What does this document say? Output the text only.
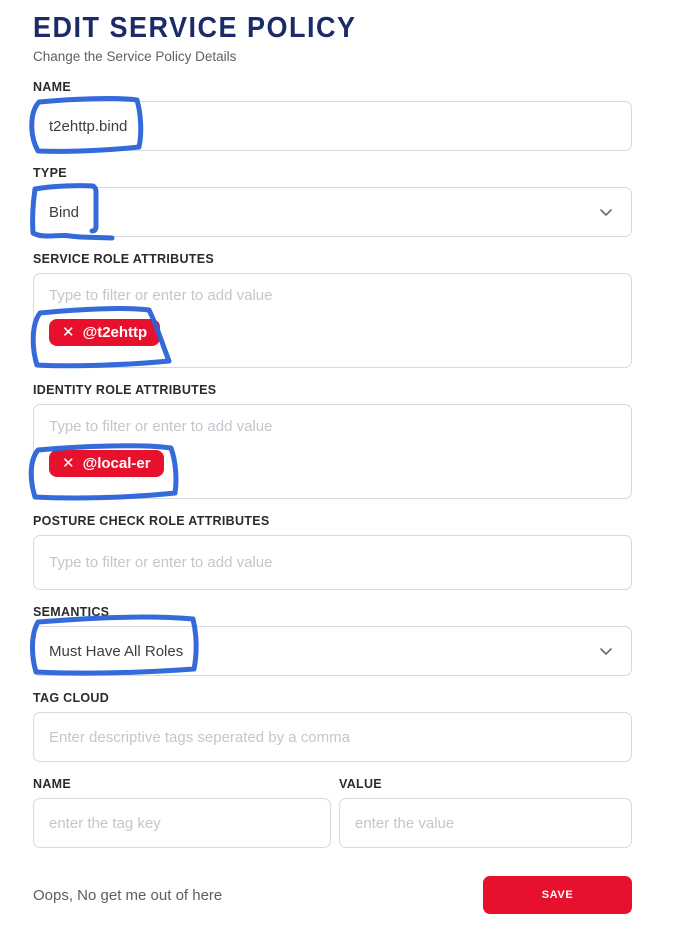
EDIT SERVICE POLICY
Change the Service Policy Details
NAME
t2ehttp.bind
TYPE
Bind
SERVICE ROLE ATTRIBUTES
Type to filter or enter to add value
✕ @t2ehttp
IDENTITY ROLE ATTRIBUTES
Type to filter or enter to add value
✕ @local-er
POSTURE CHECK ROLE ATTRIBUTES
Type to filter or enter to add value
SEMANTICS
Must Have All Roles
TAG CLOUD
Enter descriptive tags seperated by a comma
NAME	VALUE
enter the tag key
enter the value
Oops, No get me out of here	SAVE
